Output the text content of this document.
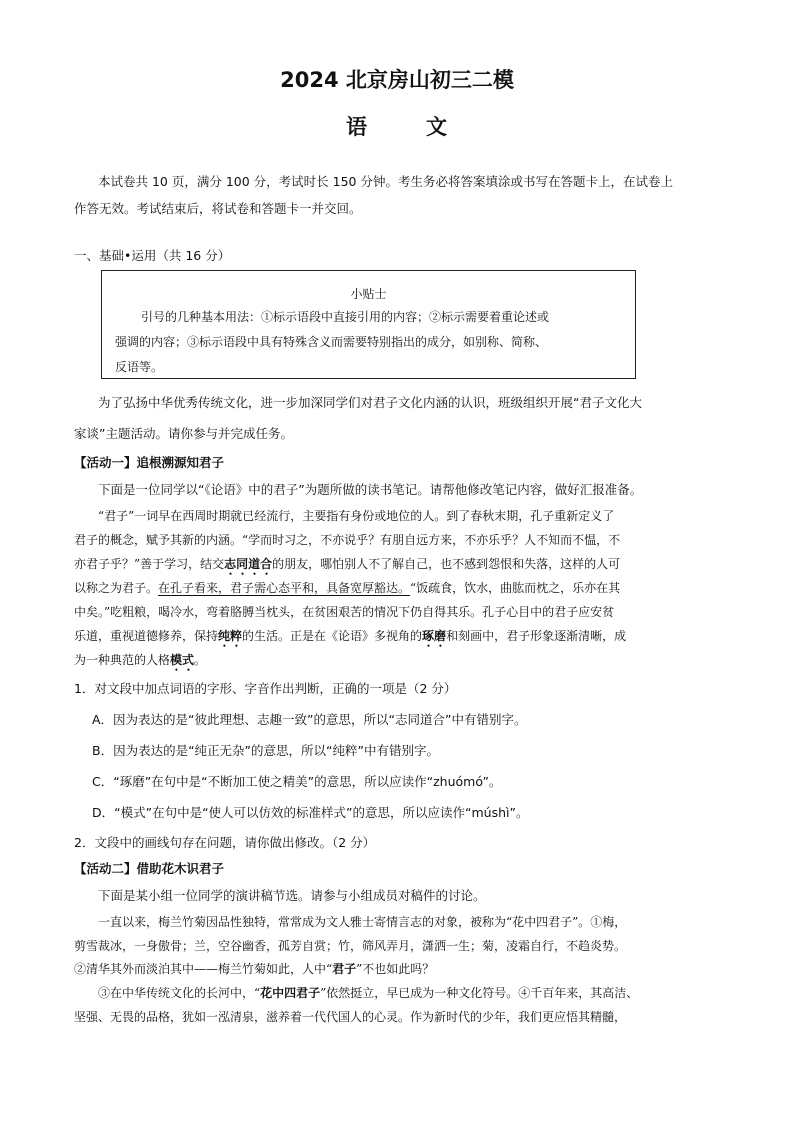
2024 北京房山初三二模
语	文
本试卷共 10 页，满分 100 分，考试时长 150 分钟。考生务必将答案填涂或书写在答题卡上，在试卷上
作答无效。考试结束后，将试卷和答题卡一并交回。
一、基础•运用（共 16 分）
小贴士
引号的几种基本用法：①标示语段中直接引用的内容；②标示需要着重论述或
强调的内容；③标示语段中具有特殊含义而需要特别指出的成分，如别称、简称、
反语等。
为了弘扬中华优秀传统文化，进一步加深同学们对君子文化内涵的认识，班级组织开展“君子文化大
家谈”主题活动。请你参与并完成任务。
【活动一】追根溯源知君子
下面是一位同学以“《论语》中的君子”为题所做的读书笔记。请帮他修改笔记内容，做好汇报准备。
“君子”一词早在西周时期就已经流行，主要指有身份或地位的人。到了春秋末期，孔子重新定义了
君子的概念，赋予其新的内涵。“学而时习之，不亦说乎？有朋自远方来，不亦乐乎？人不知而不愠，不
亦君子乎？”善于学习，结交志同道合的朋友，哪怕别人不了解自己，也不感到怨恨和失落，这样的人可
以称之为君子。在孔子看来，君子需心态平和，具备宽厚豁达。“饭疏食，饮水，曲肱而枕之，乐亦在其
中矣。”吃粗粮，喝冷水，弯着胳膊当枕头，在贫困艰苦的情况下仍自得其乐。孔子心目中的君子应安贫
乐道，重视道德修养，保持纯粹的生活。正是在《论语》多视角的琢磨和刻画中，君子形象逐渐清晰，成
为一种典范的人格模式。
1．对文段中加点词语的字形、字音作出判断，正确的一项是（2 分）
A．因为表达的是“彼此理想、志趣一致”的意思，所以“志同道合”中有错别字。
B．因为表达的是“纯正无杂”的意思，所以“纯粹”中有错别字。
C．“琢磨”在句中是“不断加工使之精美”的意思，所以应读作“zhuómó”。
D．“模式”在句中是“使人可以仿效的标准样式”的意思，所以应读作“múshì”。
2．文段中的画线句存在问题，请你做出修改。（2 分）
【活动二】借助花木识君子
下面是某小组一位同学的演讲稿节选。请参与小组成员对稿件的讨论。
一直以来，梅兰竹菊因品性独特，常常成为文人雅士寄情言志的对象，被称为“花中四君子”。①梅，
剪雪裁冰，一身傲骨；兰，空谷幽香，孤芳自赏；竹，筛风弄月，潇洒一生；菊，凌霜自行，不趋炎势。
②清华其外而淡泊其中——梅兰竹菊如此，人中“君子”不也如此吗？
③在中华传统文化的长河中，“花中四君子”依然挺立，早已成为一种文化符号。④千百年来，其高洁、
坚强、无畏的品格，犹如一泓清泉，滋养着一代代国人的心灵。作为新时代的少年，我们更应悟其精髓，
